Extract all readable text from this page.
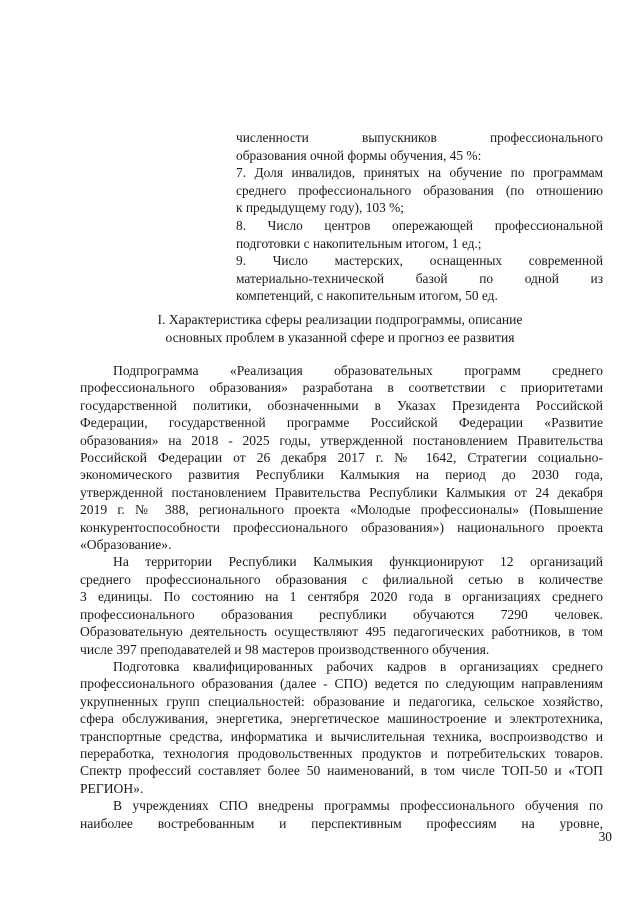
численности выпускников профессионального
образования очной формы обучения, 45 %:
7. Доля инвалидов, принятых на обучение по программам
среднего профессионального образования (по отношению
к предыдущему году), 103 %;
8. Число центров опережающей профессиональной
подготовки с накопительным итогом, 1 ед.;
9. Число мастерских, оснащенных современной
материально-технической базой по одной из
компетенций, с накопительным итогом, 50 ед.
I. Характеристика сферы реализации подпрограммы, описание
основных проблем в указанной сфере и прогноз ее развития
Подпрограмма «Реализация образовательных программ среднего
профессионального образования» разработана в соответствии с приоритетами
государственной политики, обозначенными в Указах Президента Российской
Федерации, государственной программе Российской Федерации «Развитие
образования» на 2018 - 2025 годы, утвержденной постановлением Правительства
Российской Федерации от 26 декабря 2017 г. № 1642, Стратегии социально-
экономического развития Республики Калмыкия на период до 2030 года,
утвержденной постановлением Правительства Республики Калмыкия от 24 декабря
2019 г. № 388, регионального проекта «Молодые профессионалы» (Повышение
конкурентоспособности профессионального образования») национального проекта
«Образование».
На территории Республики Калмыкия функционируют 12 организаций
среднего профессионального образования с филиальной сетью в количестве
3 единицы. По состоянию на 1 сентября 2020 года в организациях среднего
профессионального образования республики обучаются 7290 человек.
Образовательную деятельность осуществляют 495 педагогических работников, в том
числе 397 преподавателей и 98 мастеров производственного обучения.
Подготовка квалифицированных рабочих кадров в организациях среднего
профессионального образования (далее - СПО) ведется по следующим направлениям
укрупненных групп специальностей: образование и педагогика, сельское хозяйство,
сфера обслуживания, энергетика, энергетическое машиностроение и электротехника,
транспортные средства, информатика и вычислительная техника, воспроизводство и
переработка, технология продовольственных продуктов и потребительских товаров.
Спектр профессий составляет более 50 наименований, в том числе ТОП-50 и «ТОП
РЕГИОН».
В учреждениях СПО внедрены программы профессионального обучения по
наиболее востребованным и перспективным профессиям на уровне,
30
